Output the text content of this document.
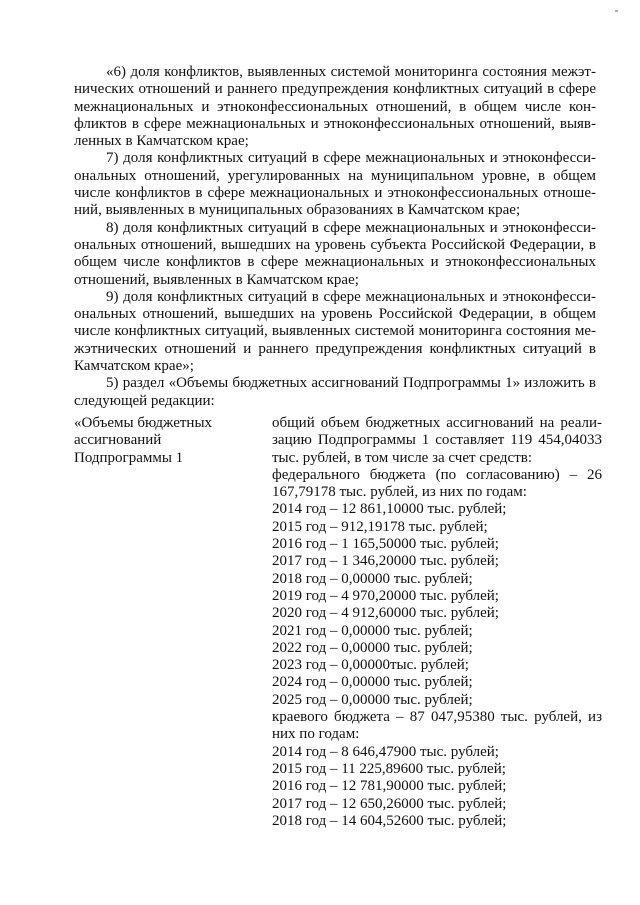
«6) доля конфликтов, выявленных системой мониторинга состояния межэтнических отношений и раннего предупреждения конфликтных ситуаций в сфере межнациональных и этноконфессиональных отношений, в общем числе конфликтов в сфере межнациональных и этноконфессиональных отношений, выявленных в Камчатском крае;

7) доля конфликтных ситуаций в сфере межнациональных и этноконфессиональных отношений, урегулированных на муниципальном уровне, в общем числе конфликтов в сфере межнациональных и этноконфессиональных отношений, выявленных в муниципальных образованиях в Камчатском крае;

8) доля конфликтных ситуаций в сфере межнациональных и этноконфессиональных отношений, вышедших на уровень субъекта Российской Федерации, в общем числе конфликтов в сфере межнациональных и этноконфессиональных отношений, выявленных в Камчатском крае;

9) доля конфликтных ситуаций в сфере межнациональных и этноконфессиональных отношений, вышедших на уровень Российской Федерации, в общем числе конфликтных ситуаций, выявленных системой мониторинга состояния межэтнических отношений и раннего предупреждения конфликтных ситуаций в Камчатском крае»;

5) раздел «Объемы бюджетных ассигнований Подпрограммы 1» изложить в следующей редакции:

«Объемы бюджетных
ассигнований
Подпрограммы 1

общий объем бюджетных ассигнований на реализацию Подпрограммы 1 составляет 119 454,04033 тыс. рублей, в том числе за счет средств:

федерального бюджета (по согласованию) – 26 167,79178 тыс. рублей, из них по годам:

2014 год – 12 861,10000 тыс. рублей;
2015 год – 912,19178 тыс. рублей;
2016 год – 1 165,50000 тыс. рублей;
2017 год – 1 346,20000 тыс. рублей;
2018 год – 0,00000 тыс. рублей;
2019 год – 4 970,20000 тыс. рублей;
2020 год – 4 912,60000 тыс. рублей;
2021 год – 0,00000 тыс. рублей;
2022 год – 0,00000 тыс. рублей;
2023 год – 0,00000тыс. рублей;
2024 год – 0,00000 тыс. рублей;
2025 год – 0,00000 тыс. рублей;

краевого бюджета – 87 047,95380 тыс. рублей, из них по годам:

2014 год – 8 646,47900 тыс. рублей;
2015 год – 11 225,89600 тыс. рублей;
2016 год – 12 781,90000 тыс. рублей;
2017 год – 12 650,26000 тыс. рублей;
2018 год – 14 604,52600 тыс. рублей;
